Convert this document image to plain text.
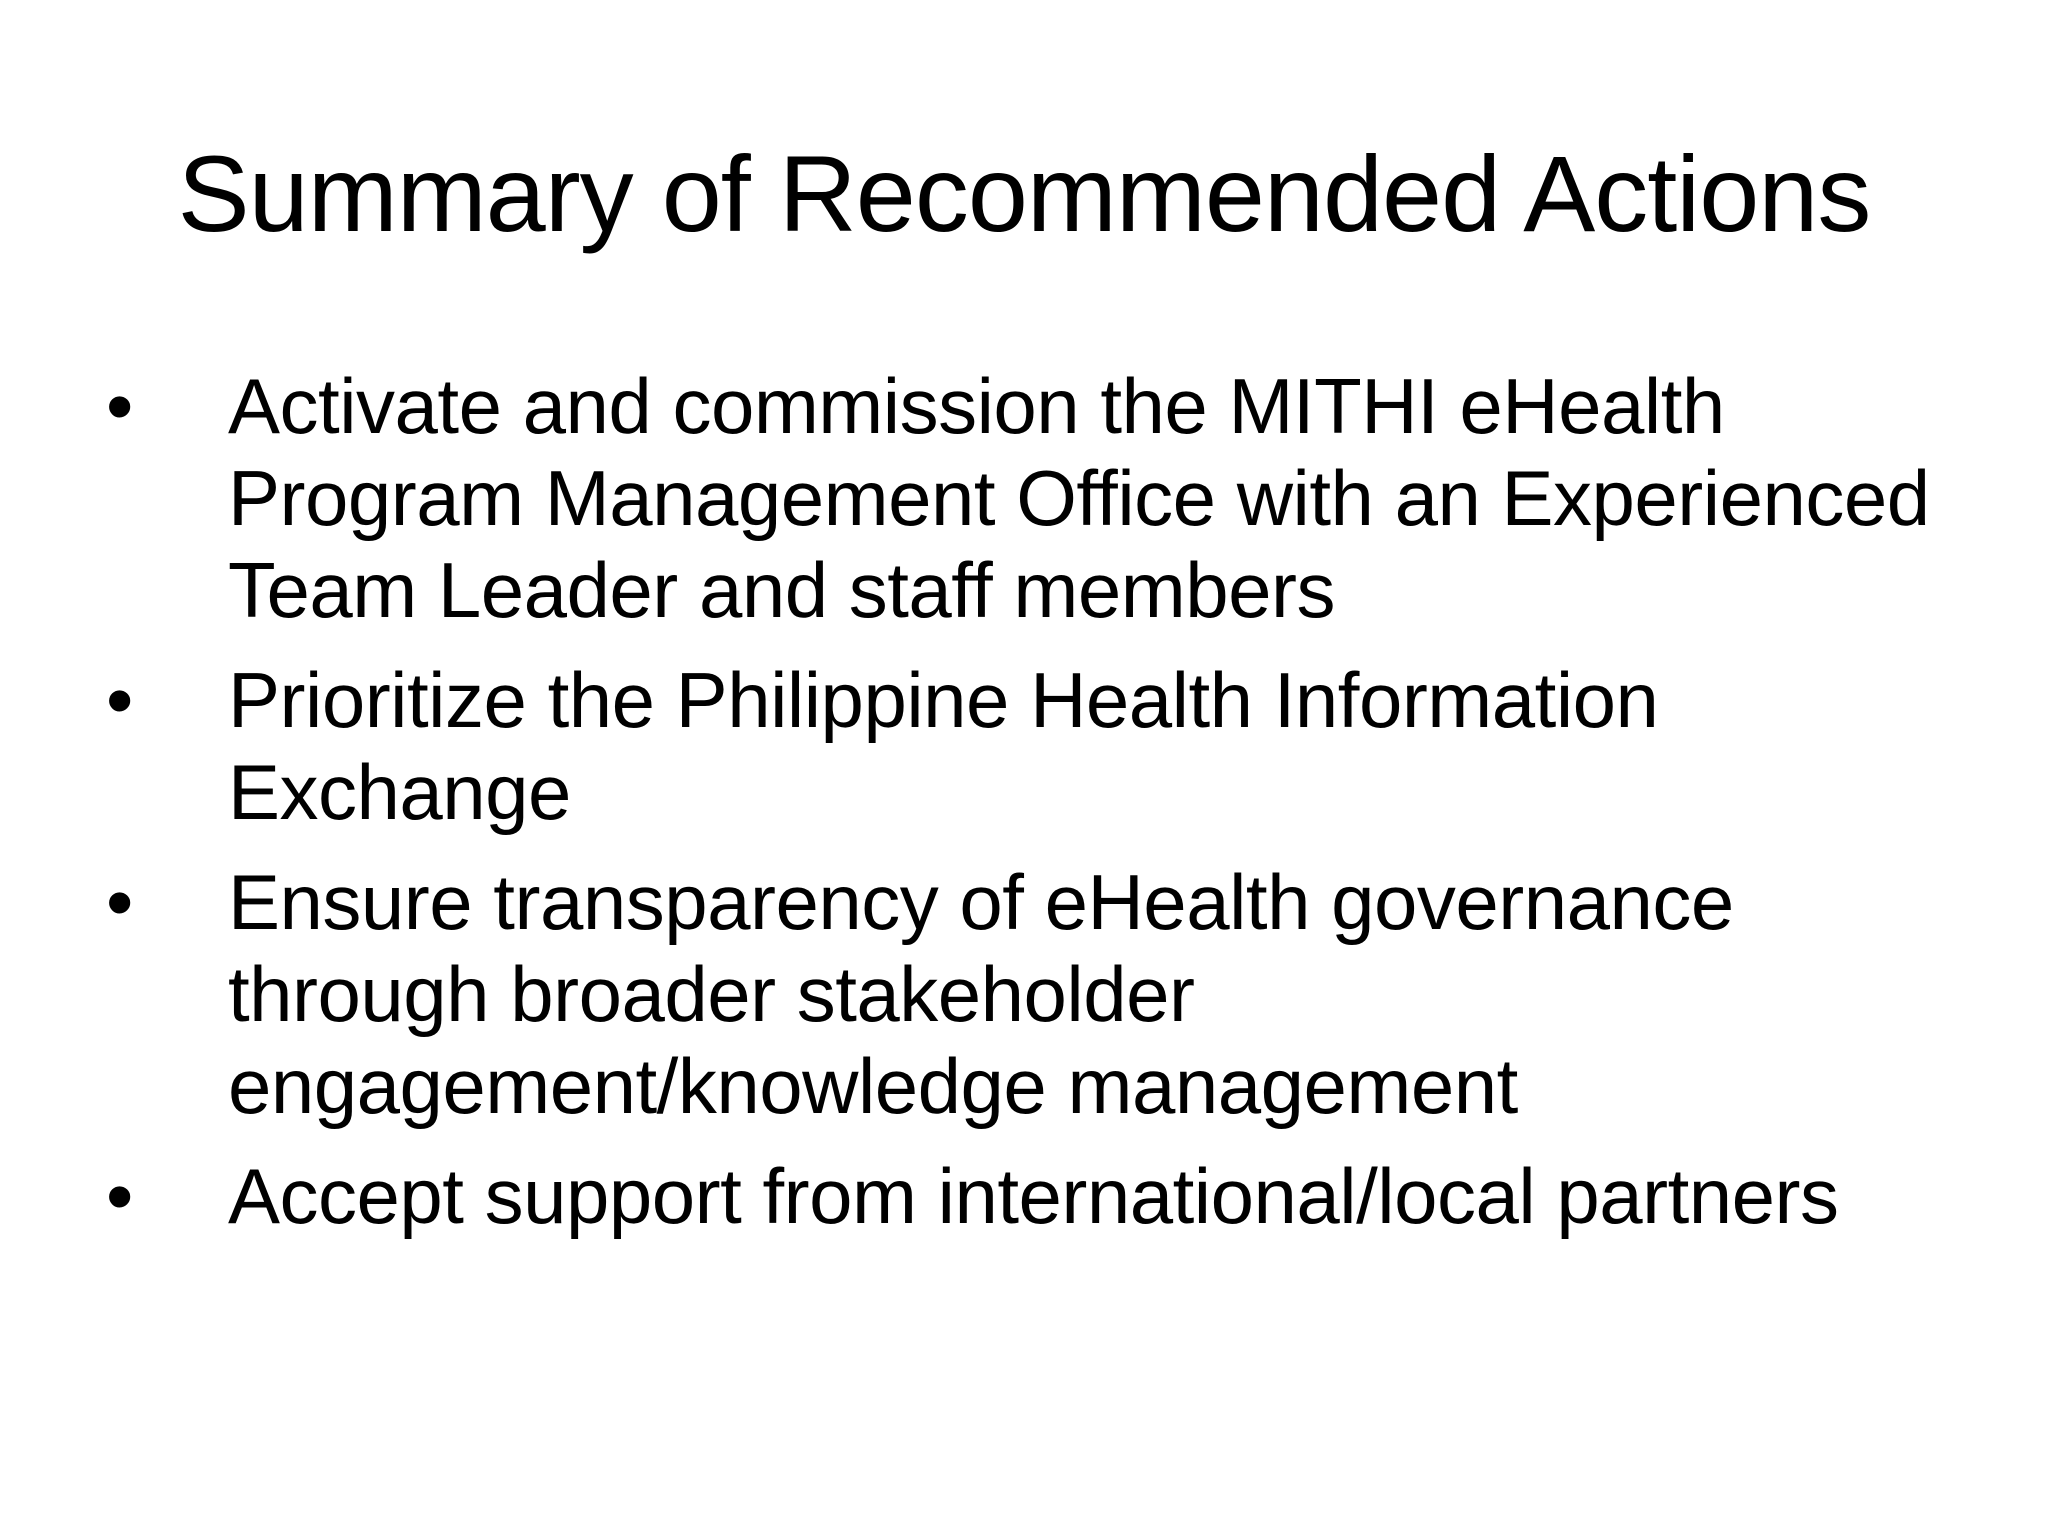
Summary of Recommended Actions
• Activate and commission the MITHI eHealth Program Management Office with an Experienced Team Leader and staff members
• Prioritize the Philippine Health Information Exchange
• Ensure transparency of eHealth governance through broader stakeholder engagement/knowledge management
• Accept support from international/local partners
